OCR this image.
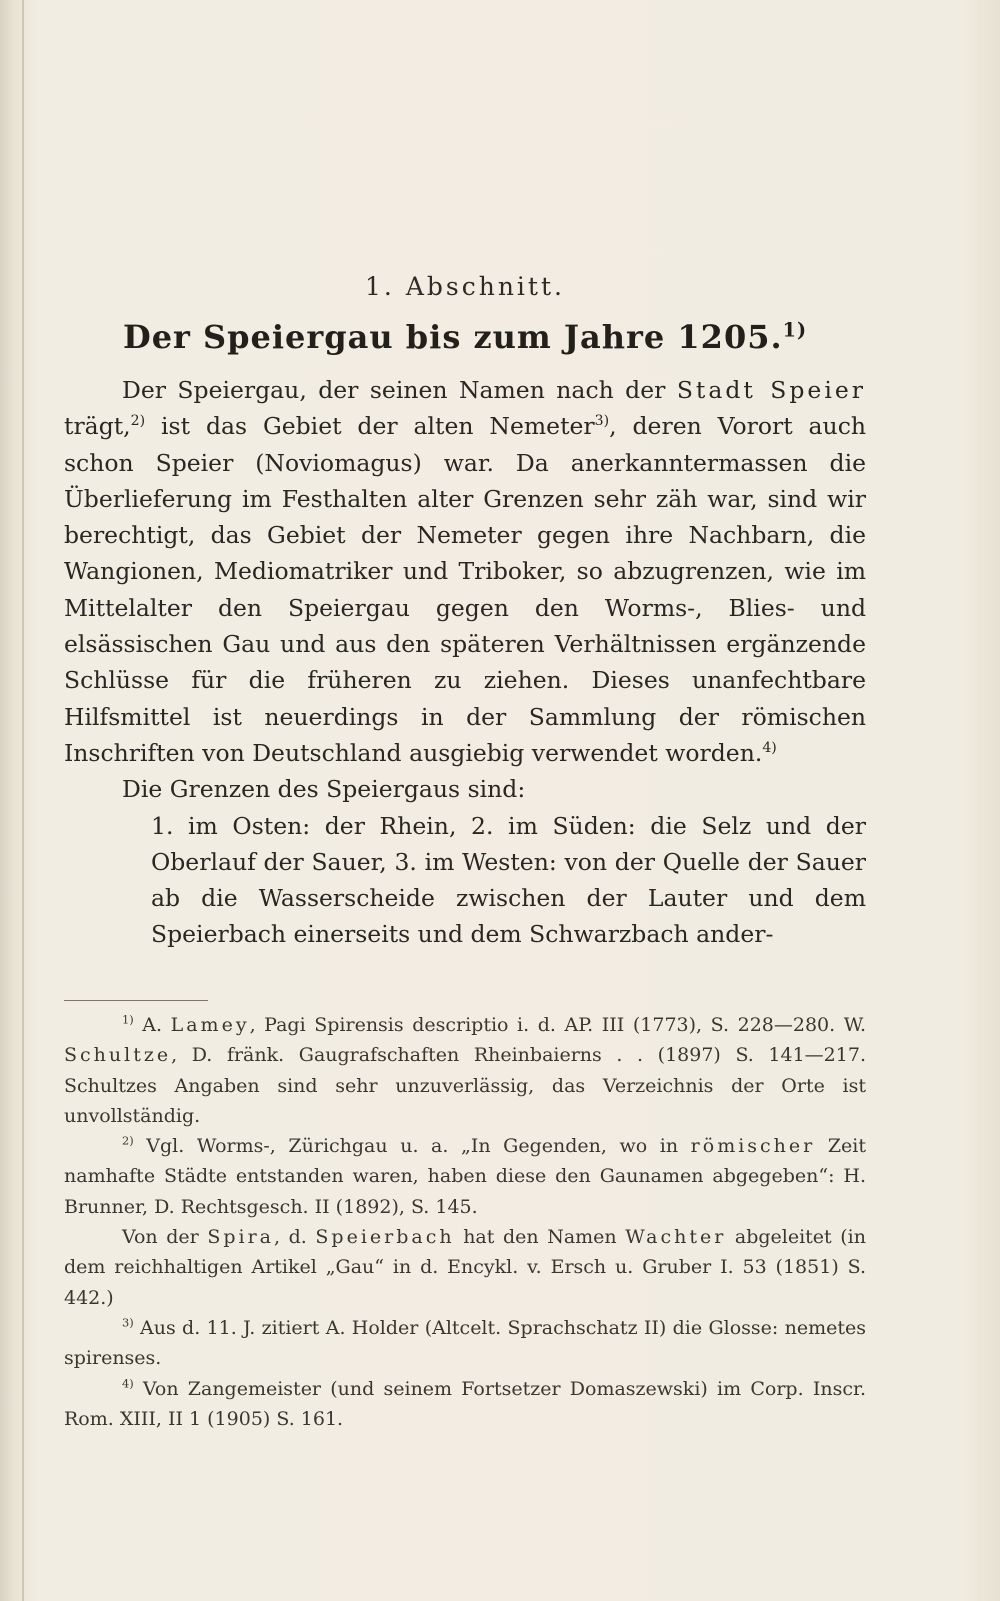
1. Abschnitt.
Der Speiergau bis zum Jahre 1205.$^{1)}$

Der Speiergau, der seinen Namen nach der Stadt Speier trägt,$^{2)}$ ist das Gebiet der alten Nemeter$^{3)}$, deren Vorort auch schon Speier (Noviomagus) war. Da anerkanntermassen die Überlieferung im Festhalten alter Grenzen sehr zäh war, sind wir berechtigt, das Gebiet der Nemeter gegen ihre Nachbarn, die Wangionen, Mediomatriker und Triboker, so abzugrenzen, wie im Mittelalter den Speiergau gegen den Worms-, Blies- und elsässischen Gau und aus den späteren Verhältnissen ergänzende Schlüsse für die früheren zu ziehen. Dieses unanfechtbare Hilfsmittel ist neuerdings in der Sammlung der römischen Inschriften von Deutschland ausgiebig verwendet worden.$^{4)}$

Die Grenzen des Speiergaus sind:

1. im Osten: der Rhein, 2. im Süden: die Selz und der Oberlauf der Sauer, 3. im Westen: von der Quelle der Sauer ab die Wasserscheide zwischen der Lauter und dem Speierbach einerseits und dem Schwarzbach ander-

$^{1)}$ A. Lamey, Pagi Spirensis descriptio i. d. AP. III (1773), S. 228—280. W. Schultze, D. fränk. Gaugrafschaften Rheinbaierns . . (1897) S. 141—217. Schultzes Angaben sind sehr unzuverlässig, das Verzeichnis der Orte ist unvollständig.

$^{2)}$ Vgl. Worms-, Zürichgau u. a. „In Gegenden, wo in römischer Zeit namhafte Städte entstanden waren, haben diese den Gaunamen abgegeben“: H. Brunner, D. Rechtsgesch. II (1892), S. 145.

Von der Spira, d. Speierbach hat den Namen Wachter abgeleitet (in dem reichhaltigen Artikel „Gau“ in d. Encykl. v. Ersch u. Gruber I. 53 (1851) S. 442.)

$^{3)}$ Aus d. 11. J. zitiert A. Holder (Altcelt. Sprachschatz II) die Glosse: nemetes spirenses.

$^{4)}$ Von Zangemeister (und seinem Fortsetzer Domaszewski) im Corp. Inscr. Rom. XIII, II 1 (1905) S. 161.
